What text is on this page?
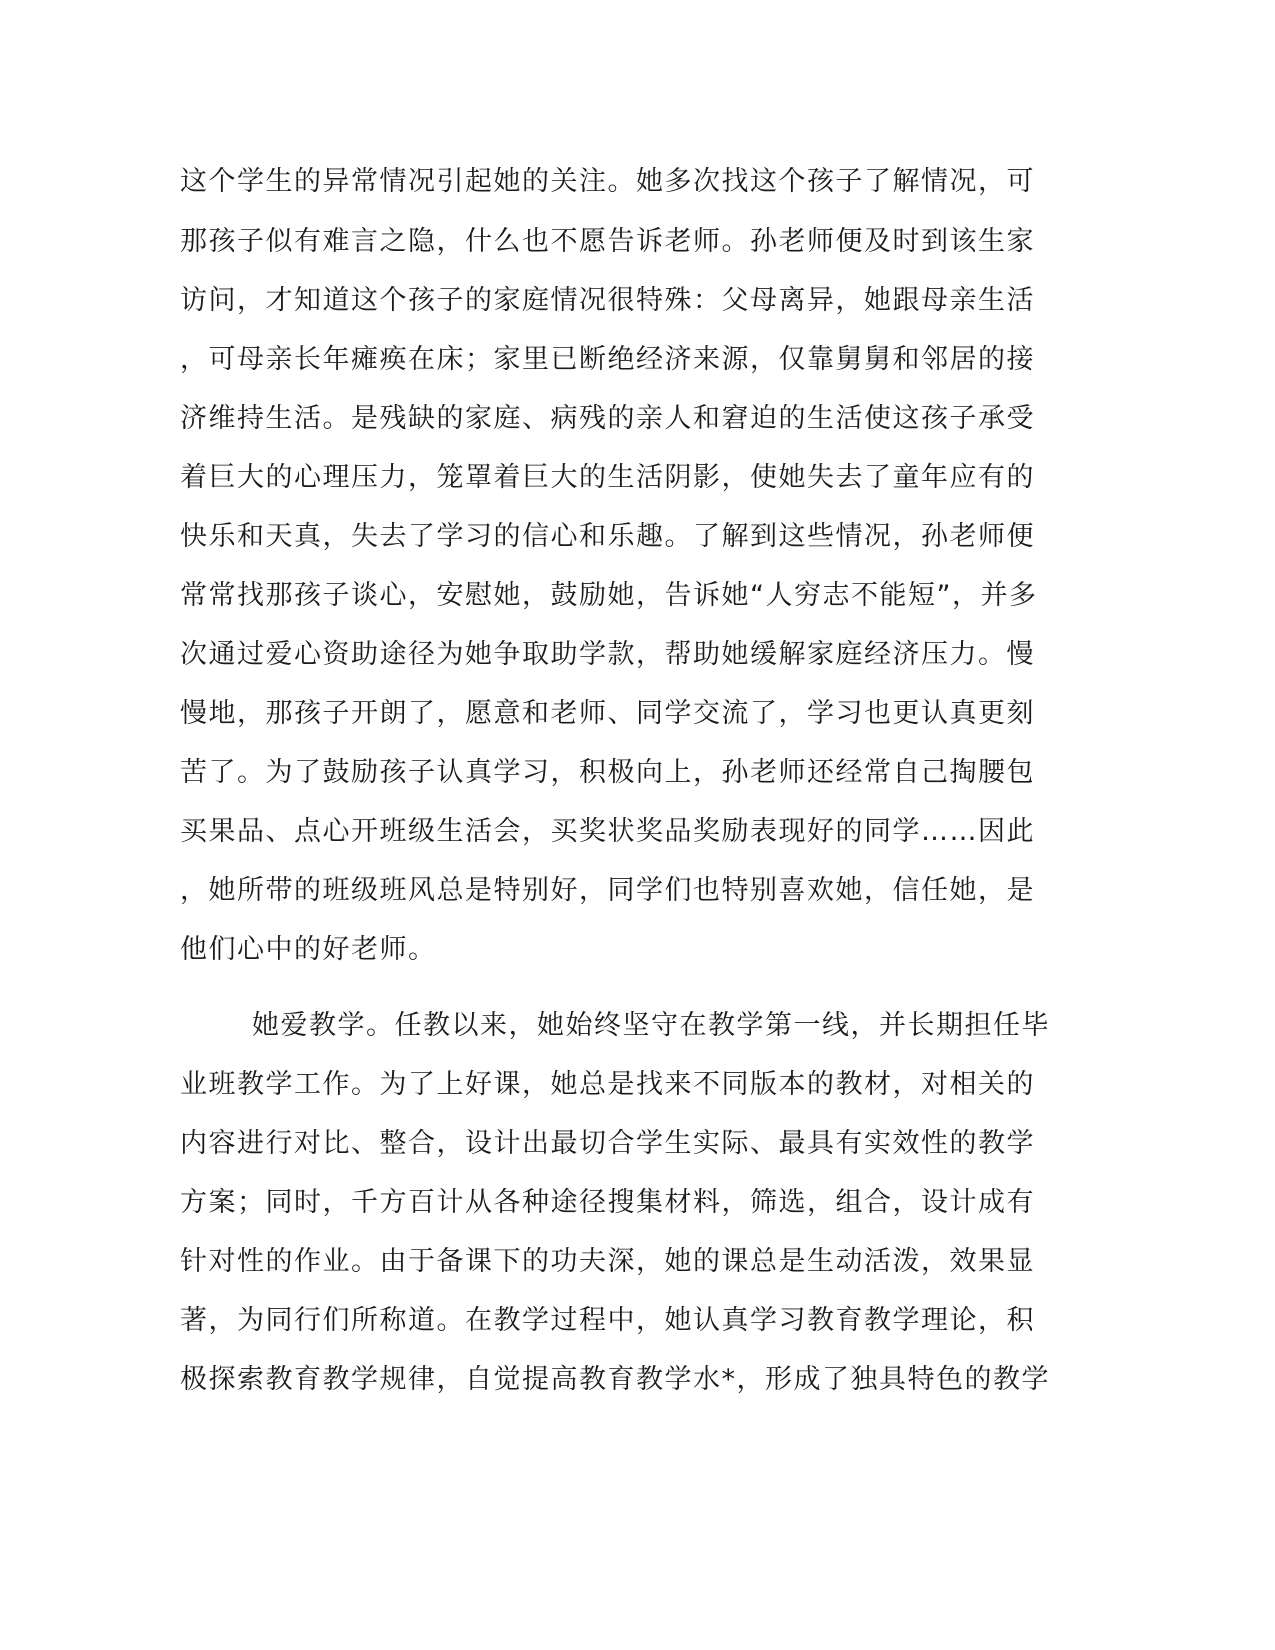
这个学生的异常情况引起她的关注。她多次找这个孩子了解情况，可
那孩子似有难言之隐，什么也不愿告诉老师。孙老师便及时到该生家
访问，才知道这个孩子的家庭情况很特殊：父母离异，她跟母亲生活
，可母亲长年瘫痪在床；家里已断绝经济来源，仅靠舅舅和邻居的接
济维持生活。是残缺的家庭、病残的亲人和窘迫的生活使这孩子承受
着巨大的心理压力，笼罩着巨大的生活阴影，使她失去了童年应有的
快乐和天真，失去了学习的信心和乐趣。了解到这些情况，孙老师便
常常找那孩子谈心，安慰她，鼓励她，告诉她“人穷志不能短”，并多
次通过爱心资助途径为她争取助学款，帮助她缓解家庭经济压力。慢
慢地，那孩子开朗了，愿意和老师、同学交流了，学习也更认真更刻
苦了。为了鼓励孩子认真学习，积极向上，孙老师还经常自己掏腰包
买果品、点心开班级生活会，买奖状奖品奖励表现好的同学……因此
，她所带的班级班风总是特别好，同学们也特别喜欢她，信任她，是
他们心中的好老师。
她爱教学。任教以来，她始终坚守在教学第一线，并长期担任毕
业班教学工作。为了上好课，她总是找来不同版本的教材，对相关的
内容进行对比、整合，设计出最切合学生实际、最具有实效性的教学
方案；同时，千方百计从各种途径搜集材料，筛选，组合，设计成有
针对性的作业。由于备课下的功夫深，她的课总是生动活泼，效果显
著，为同行们所称道。在教学过程中，她认真学习教育教学理论，积
极探索教育教学规律，自觉提高教育教学水*，形成了独具特色的教学
